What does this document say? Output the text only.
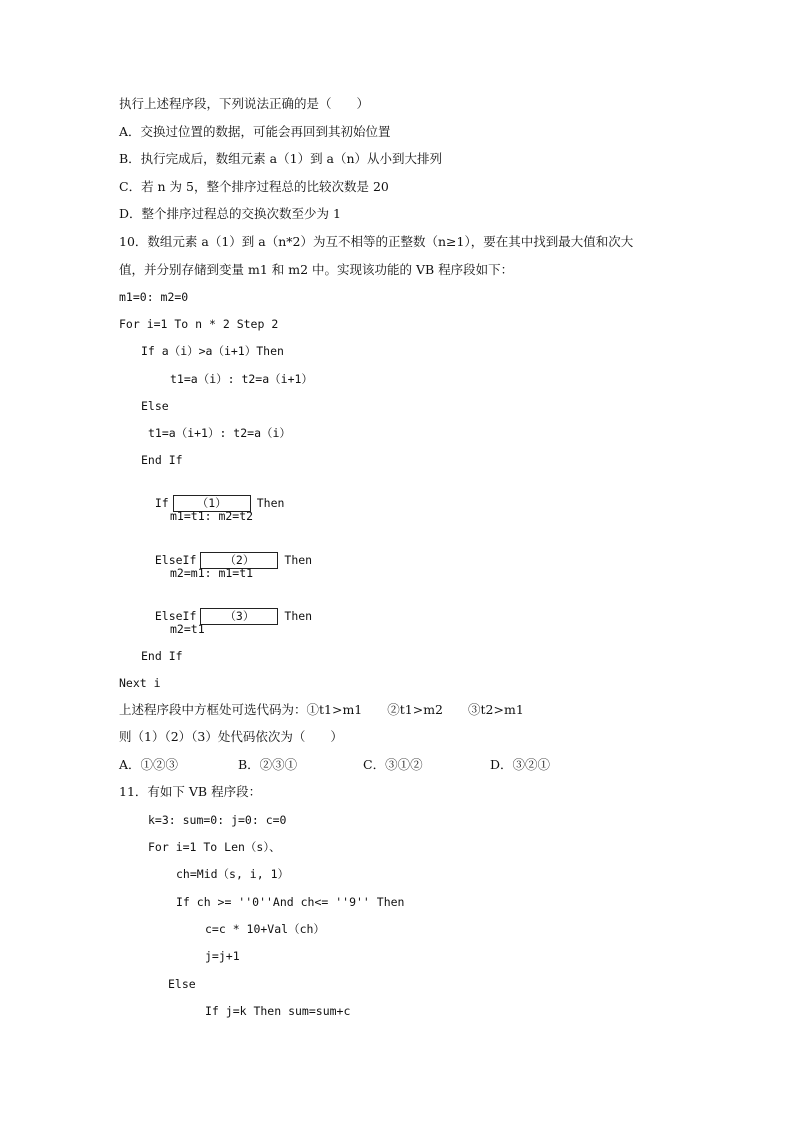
执行上述程序段，下列说法正确的是（　　）
A．交换过位置的数据，可能会再回到其初始位置
B．执行完成后，数组元素 a（1）到 a（n）从小到大排列
C．若 n 为 5，整个排序过程总的比较次数是 20
D．整个排序过程总的交换次数至少为 1
10．数组元素 a（1）到 a（n*2）为互不相等的正整数（n≥1），要在其中找到最大值和次大
值，并分别存储到变量 m1 和 m2 中。实现该功能的 VB 程序段如下：
m1=0: m2=0
For i=1 To n * 2 Step 2
If a（i）>a（i+1）Then
t1=a（i）: t2=a（i+1）
Else
t1=a（i+1）: t2=a（i）
End If

If （1）	Then

m1=t1: m2=t2

ElseIf （2）	Then

m2=m1: m1=t1

ElseIf （3）	Then

m2=t1
End If
Next i
上述程序段中方框处可选代码为：①t1>m1　　②t1>m2　　③t2>m1
则（1）（2）（3）处代码依次为（　　）
A．①②③	B．②③①	C．③①②	D．③②①
11．有如下 VB 程序段：
k=3: sum=0: j=0: c=0
For i=1 To Len（s）、
ch=Mid（s, i, 1）
If ch >= ''0''And ch<= ''9'' Then
c=c * 10+Val（ch）
j=j+1
Else
If j=k Then sum=sum+c
